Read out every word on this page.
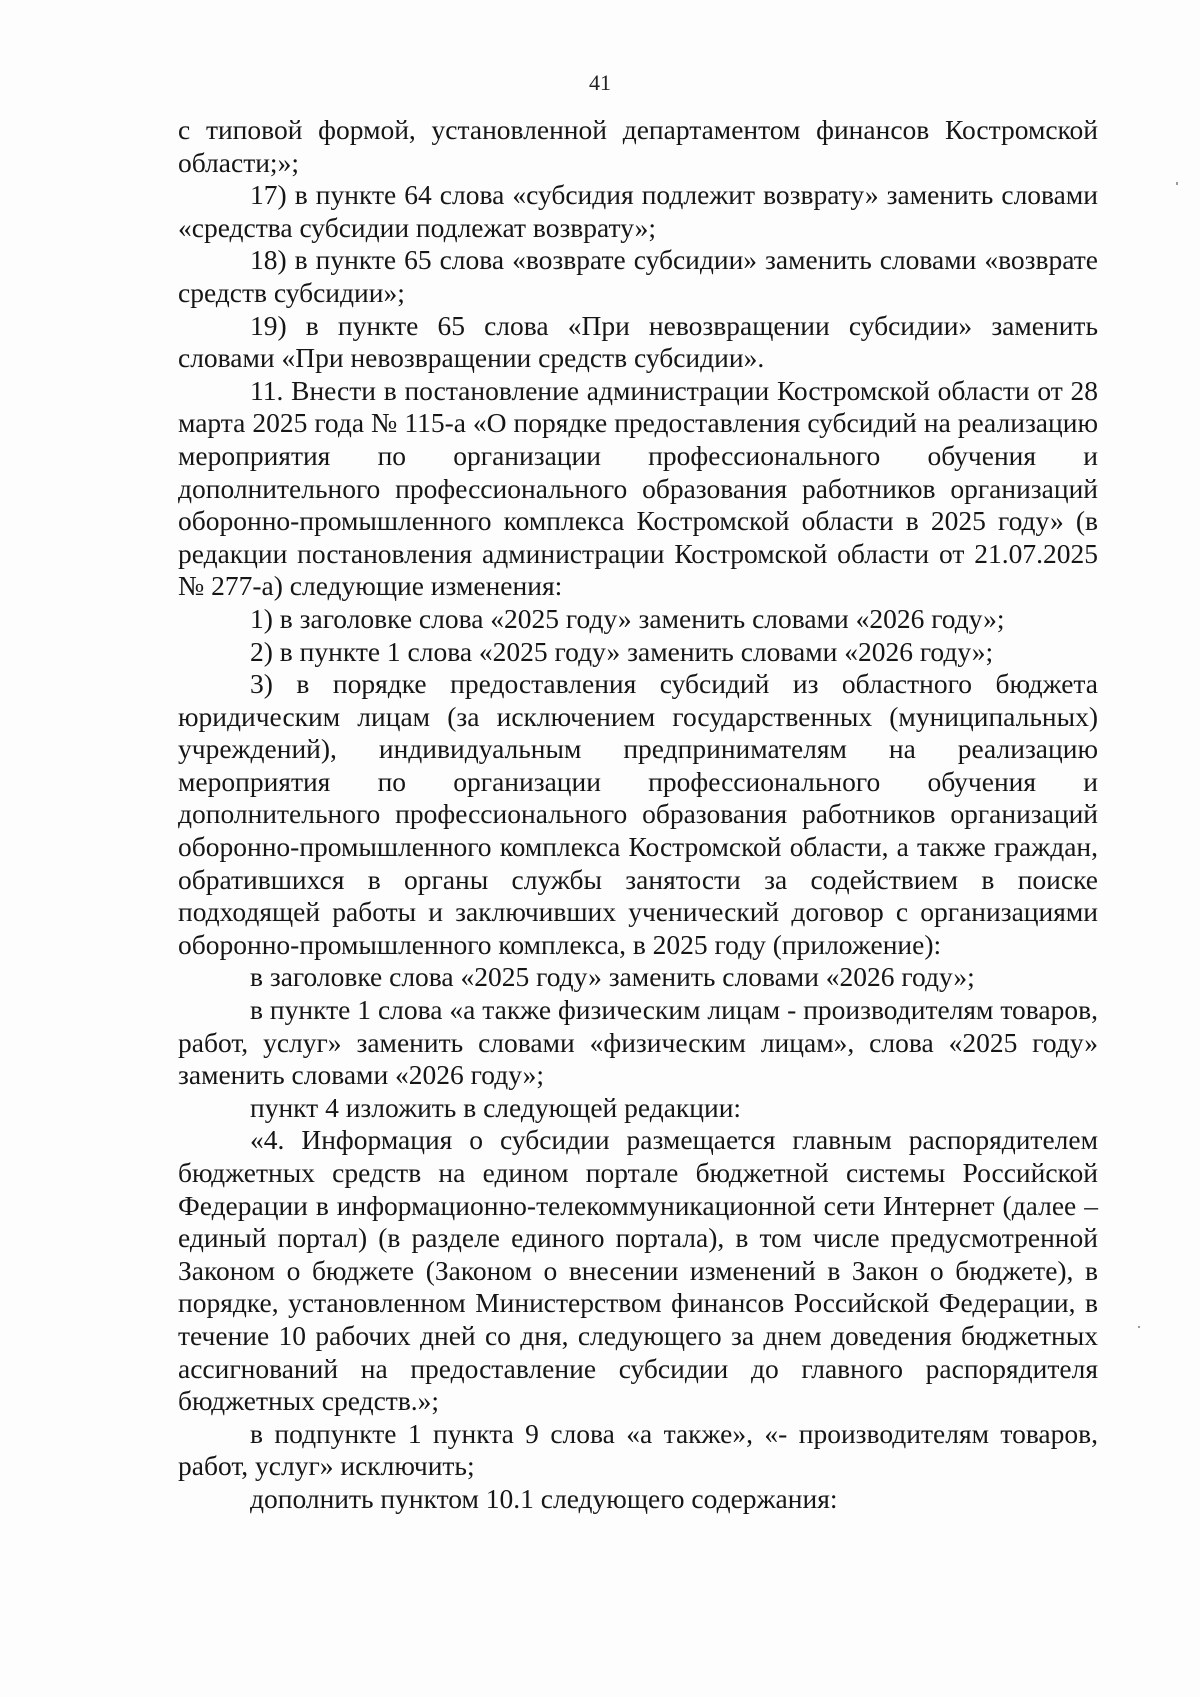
41

с типовой формой, установленной департаментом финансов Костромской области;»;

17) в пункте 64 слова «субсидия подлежит возврату» заменить словами «средства субсидии подлежат возврату»;

18) в пункте 65 слова «возврате субсидии» заменить словами «возврате средств субсидии»;

19) в пункте 65 слова «При невозвращении субсидии» заменить словами «При невозвращении средств субсидии».

11. Внести в постановление администрации Костромской области от 28 марта 2025 года № 115-а «О порядке предоставления субсидий на реализацию мероприятия по организации профессионального обучения и дополнительного профессионального образования работников организаций оборонно-промышленного комплекса Костромской области в 2025 году» (в редакции постановления администрации Костромской области от 21.07.2025 № 277-а) следующие изменения:

1) в заголовке слова «2025 году» заменить словами «2026 году»;

2) в пункте 1 слова «2025 году» заменить словами «2026 году»;

3) в порядке предоставления субсидий из областного бюджета юридическим лицам (за исключением государственных (муниципальных) учреждений), индивидуальным предпринимателям на реализацию мероприятия по организации профессионального обучения и дополнительного профессионального образования работников организаций оборонно-промышленного комплекса Костромской области, а также граждан, обратившихся в органы службы занятости за содействием в поиске подходящей работы и заключивших ученический договор с организациями оборонно-промышленного комплекса, в 2025 году (приложение):

в заголовке слова «2025 году» заменить словами «2026 году»;

в пункте 1 слова «а также физическим лицам - производителям товаров, работ, услуг» заменить словами «физическим лицам», слова «2025 году» заменить словами «2026 году»;

пункт 4 изложить в следующей редакции:

«4. Информация о субсидии размещается главным распорядителем бюджетных средств на едином портале бюджетной системы Российской Федерации в информационно-телекоммуникационной сети Интернет (далее – единый портал) (в разделе единого портала), в том числе предусмотренной Законом о бюджете (Законом о внесении изменений в Закон о бюджете), в порядке, установленном Министерством финансов Российской Федерации, в течение 10 рабочих дней со дня, следующего за днем доведения бюджетных ассигнований на предоставление субсидии до главного распорядителя бюджетных средств.»;

в подпункте 1 пункта 9 слова «а также», «- производителям товаров, работ, услуг» исключить;

дополнить пунктом 10.1 следующего содержания:
